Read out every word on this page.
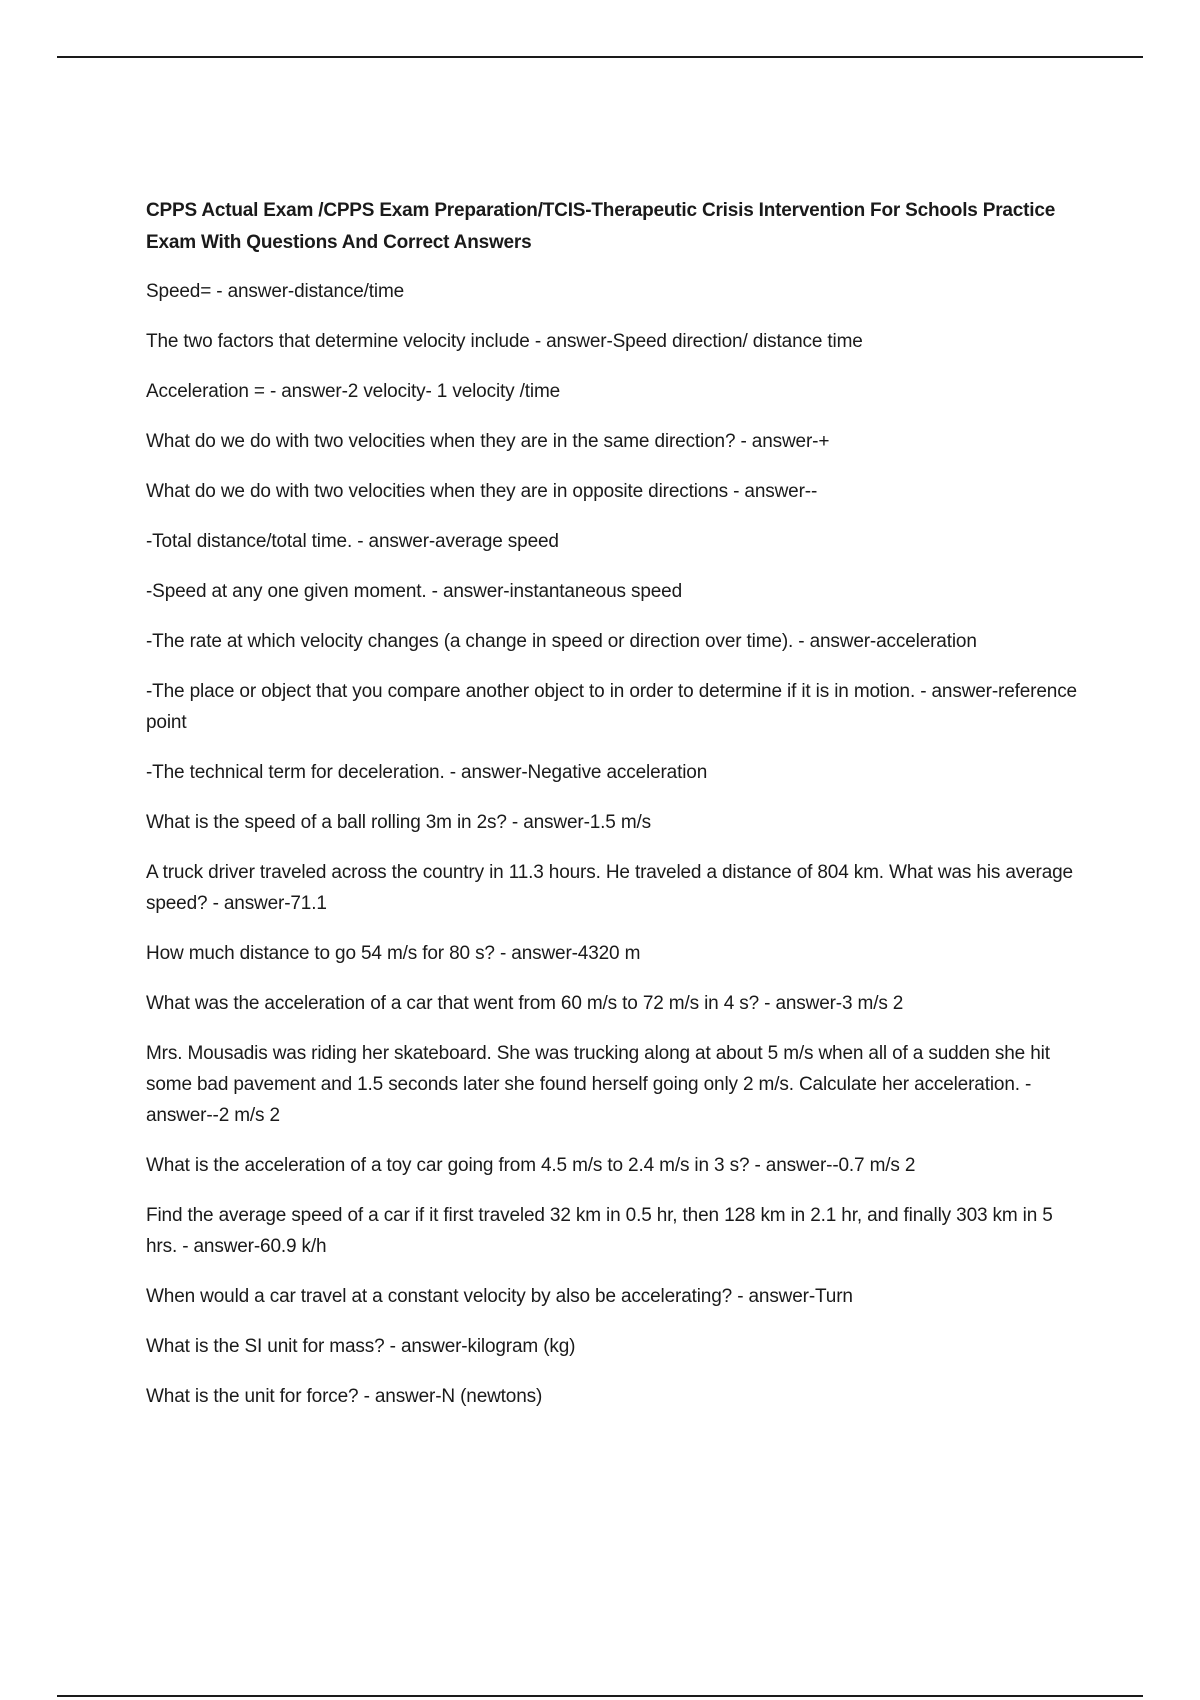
CPPS Actual Exam /CPPS Exam Preparation/TCIS-Therapeutic Crisis Intervention For Schools Practice Exam With Questions And Correct Answers

Speed= - answer-distance/time

The two factors that determine velocity include - answer-Speed direction/ distance time

Acceleration = - answer-2 velocity- 1 velocity /time

What do we do with two velocities when they are in the same direction? - answer-+

What do we do with two velocities when they are in opposite directions - answer--

-Total distance/total time. - answer-average speed

-Speed at any one given moment. - answer-instantaneous speed

-The rate at which velocity changes (a change in speed or direction over time). - answer-acceleration

-The place or object that you compare another object to in order to determine if it is in motion. - answer-reference point

-The technical term for deceleration. - answer-Negative acceleration

What is the speed of a ball rolling 3m in 2s? - answer-1.5 m/s

A truck driver traveled across the country in 11.3 hours. He traveled a distance of 804 km. What was his average speed? - answer-71.1

How much distance to go 54 m/s for 80 s? - answer-4320 m

What was the acceleration of a car that went from 60 m/s to 72 m/s in 4 s? - answer-3 m/s 2

Mrs. Mousadis was riding her skateboard. She was trucking along at about 5 m/s when all of a sudden she hit some bad pavement and 1.5 seconds later she found herself going only 2 m/s. Calculate her acceleration. - answer--2 m/s 2

What is the acceleration of a toy car going from 4.5 m/s to 2.4 m/s in 3 s? - answer--0.7 m/s 2

Find the average speed of a car if it first traveled 32 km in 0.5 hr, then 128 km in 2.1 hr, and finally 303 km in 5 hrs. - answer-60.9 k/h

When would a car travel at a constant velocity by also be accelerating? - answer-Turn

What is the SI unit for mass? - answer-kilogram (kg)

What is the unit for force? - answer-N (newtons)
